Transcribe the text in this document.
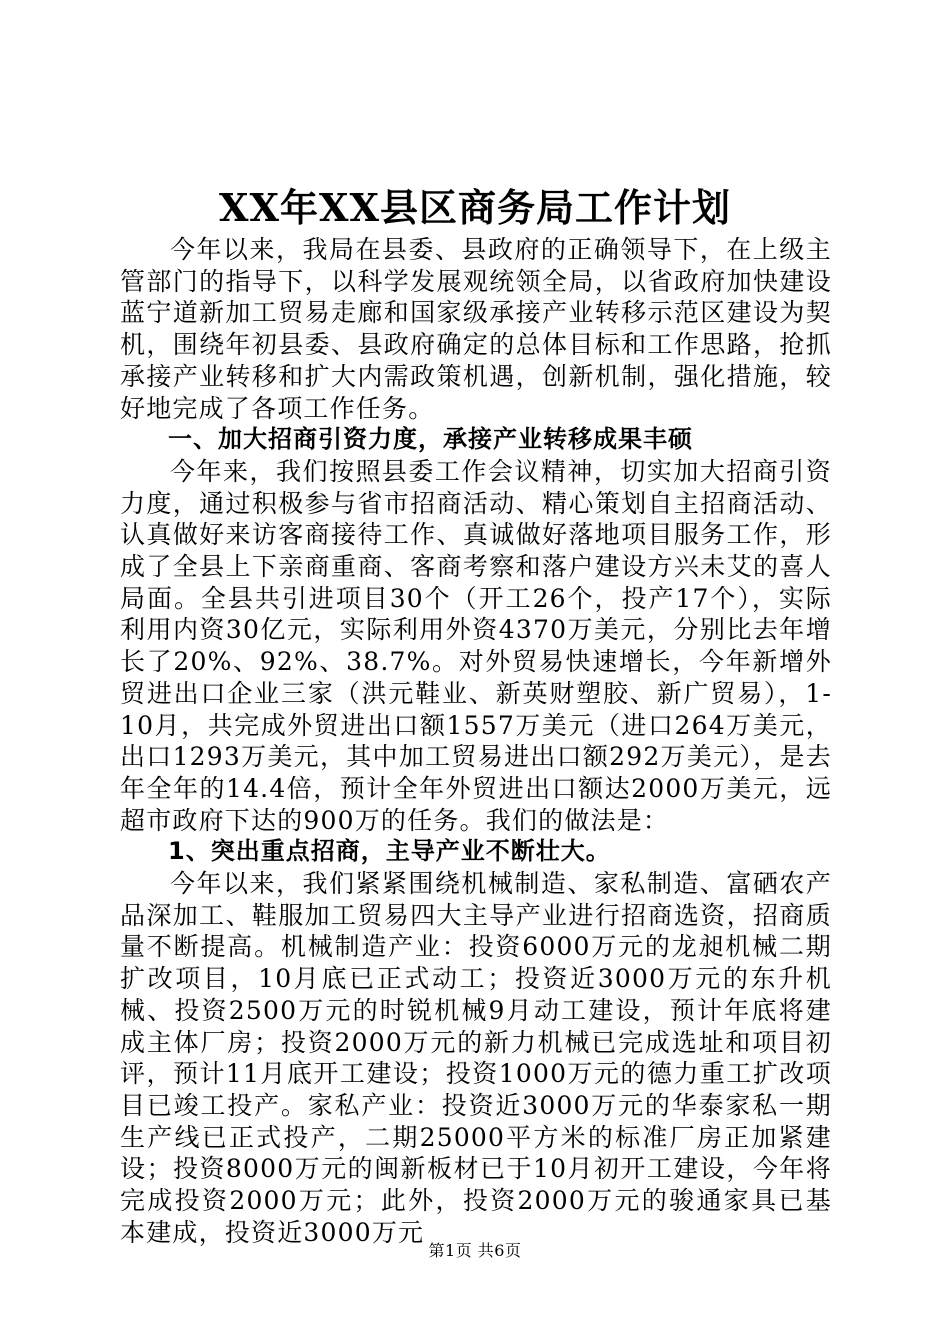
XX年XX县区商务局工作计划

今年以来，我局在县委、县政府的正确领导下，在上级主管部门的指导下，以科学发展观统领全局，以省政府加快建设蓝宁道新加工贸易走廊和国家级承接产业转移示范区建设为契机，围绕年初县委、县政府确定的总体目标和工作思路，抢抓承接产业转移和扩大内需政策机遇，创新机制，强化措施，较好地完成了各项工作任务。

一、加大招商引资力度，承接产业转移成果丰硕

今年来，我们按照县委工作会议精神，切实加大招商引资力度，通过积极参与省市招商活动、精心策划自主招商活动、认真做好来访客商接待工作、真诚做好落地项目服务工作，形成了全县上下亲商重商、客商考察和落户建设方兴未艾的喜人局面。全县共引进项目30个（开工26个，投产17个），实际利用内资30亿元，实际利用外资4370万美元，分别比去年增长了20%、92%、38.7%。对外贸易快速增长，今年新增外贸进出口企业三家（洪元鞋业、新英财塑胶、新广贸易），1-10月，共完成外贸进出口额1557万美元（进口264万美元，出口1293万美元，其中加工贸易进出口额292万美元），是去年全年的14.4倍，预计全年外贸进出口额达2000万美元，远超市政府下达的900万的任务。我们的做法是：

1、突出重点招商，主导产业不断壮大。

今年以来，我们紧紧围绕机械制造、家私制造、富硒农产品深加工、鞋服加工贸易四大主导产业进行招商选资，招商质量不断提高。机械制造产业：投资6000万元的龙昶机械二期扩改项目，10月底已正式动工；投资近3000万元的东升机械、投资2500万元的时锐机械9月动工建设，预计年底将建成主体厂房；投资2000万元的新力机械已完成选址和项目初评，预计11月底开工建设；投资1000万元的德力重工扩改项目已竣工投产。家私产业：投资近3000万元的华泰家私一期生产线已正式投产，二期25000平方米的标准厂房正加紧建设；投资8000万元的闽新板材已于10月初开工建设，今年将完成投资2000万元；此外，投资2000万元的骏通家具已基本建成，投资近3000万元

第1页 共6页
